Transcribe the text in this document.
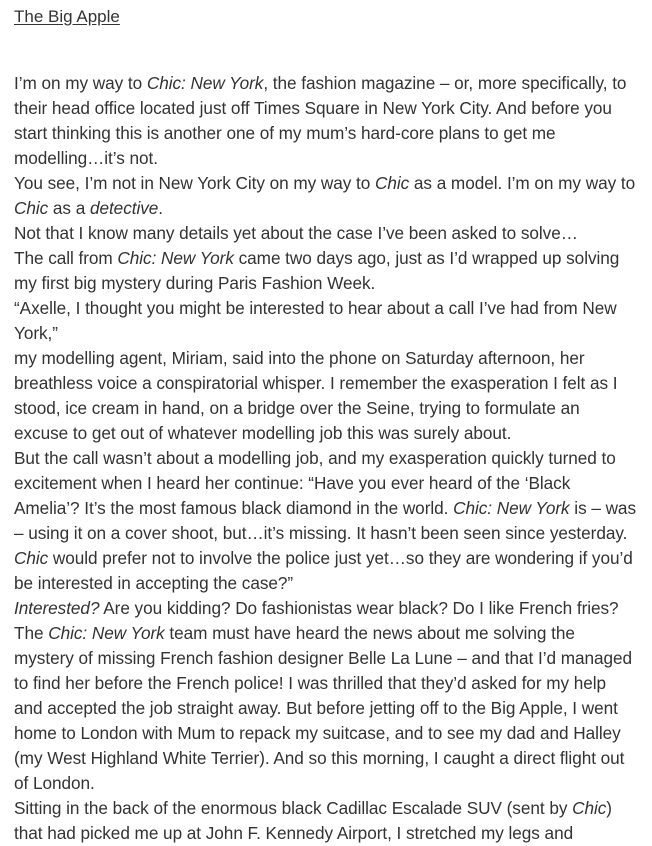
The Big Apple

I’m on my way to Chic: New York, the fashion magazine – or, more specifically, to their head office located just off Times Square in New York City. And before you start thinking this is another one of my mum’s hard-core plans to get me modelling…it’s not.

You see, I’m not in New York City on my way to Chic as a model. I’m on my way to Chic as a detective.

Not that I know many details yet about the case I’ve been asked to solve…

The call from Chic: New York came two days ago, just as I’d wrapped up solving my first big mystery during Paris Fashion Week.

“Axelle, I thought you might be interested to hear about a call I’ve had from New York,”

my modelling agent, Miriam, said into the phone on Saturday afternoon, her breathless voice a conspiratorial whisper. I remember the exasperation I felt as I stood, ice cream in hand, on a bridge over the Seine, trying to formulate an excuse to get out of whatever modelling job this was surely about.

But the call wasn’t about a modelling job, and my exasperation quickly turned to excitement when I heard her continue: “Have you ever heard of the ‘Black Amelia’? It’s the most famous black diamond in the world. Chic: New York is – was – using it on a cover shoot, but…it’s missing. It hasn’t been seen since yesterday. Chic would prefer not to involve the police just yet…so they are wondering if you’d be interested in accepting the case?”

Interested? Are you kidding? Do fashionistas wear black? Do I like French fries? The Chic: New York team must have heard the news about me solving the mystery of missing French fashion designer Belle La Lune – and that I’d managed to find her before the French police! I was thrilled that they’d asked for my help and accepted the job straight away. But before jetting off to the Big Apple, I went home to London with Mum to repack my suitcase, and to see my dad and Halley (my West Highland White Terrier). And so this morning, I caught a direct flight out of London.

Sitting in the back of the enormous black Cadillac Escalade SUV (sent by Chic) that had picked me up at John F. Kennedy Airport, I stretched my legs and
